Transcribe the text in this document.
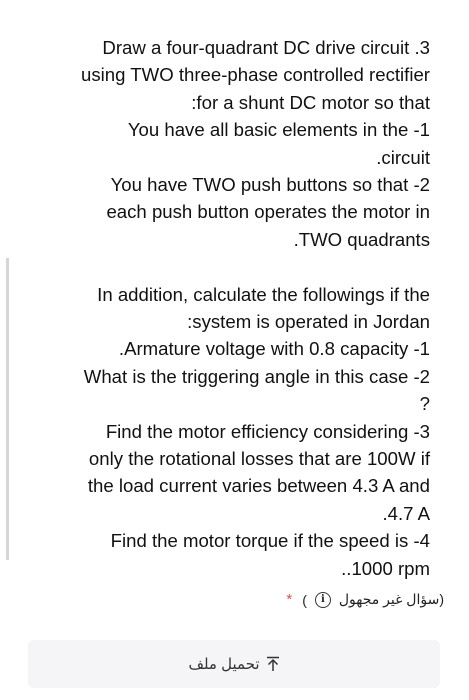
Draw a four-quadrant DC drive circuit .3
using TWO three-phase controlled rectifier
:for a shunt DC motor so that
You have all basic elements in the -1
.circuit
You have TWO push buttons so that -2
each push button operates the motor in
.TWO quadrants
In addition, calculate the followings if the
:system is operated in Jordan
.Armature voltage with 0.8 capacity -1
What is the triggering angle in this case -2
?
Find the motor efficiency considering -3
only the rotational losses that are 100W if
the load current varies between 4.3 A and
.4.7 A
Find the motor torque if the speed is -4
..1000 rpm
(سؤال غير مجهول
i
)
*
تحميل ملف
